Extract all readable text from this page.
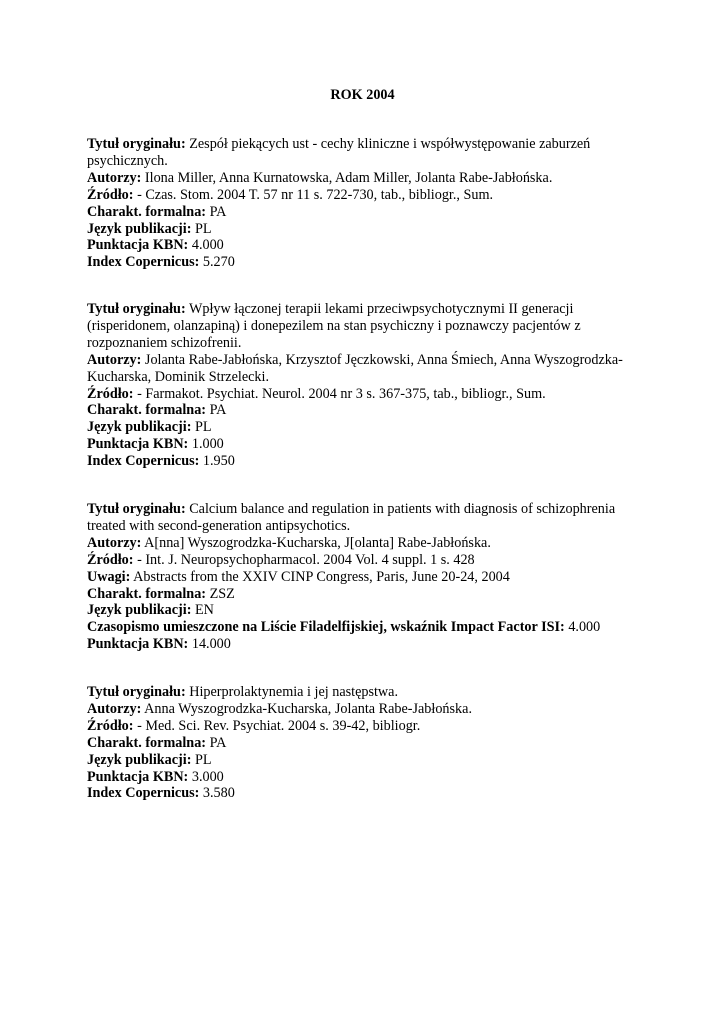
ROK 2004

Tytuł oryginału: Zespół piekących ust - cechy kliniczne i współwystępowanie zaburzeń psychicznych.

Autorzy: Ilona Miller, Anna Kurnatowska, Adam Miller, Jolanta Rabe-Jabłońska.

Źródło: - Czas. Stom. 2004 T. 57 nr 11 s. 722-730, tab., bibliogr., Sum.

Charakt. formalna: PA

Język publikacji: PL

Punktacja KBN: 4.000

Index Copernicus: 5.270

Tytuł oryginału: Wpływ łączonej terapii lekami przeciwpsychotycznymi II generacji (risperidonem, olanzapiną) i donepezilem na stan psychiczny i poznawczy pacjentów z rozpoznaniem schizofrenii.

Autorzy: Jolanta Rabe-Jabłońska, Krzysztof Jęczkowski, Anna Śmiech, Anna Wyszogrodzka-Kucharska, Dominik Strzelecki.

Źródło: - Farmakot. Psychiat. Neurol. 2004 nr 3 s. 367-375, tab., bibliogr., Sum.

Charakt. formalna: PA

Język publikacji: PL

Punktacja KBN: 1.000

Index Copernicus: 1.950

Tytuł oryginału: Calcium balance and regulation in patients with diagnosis of schizophrenia treated with second-generation antipsychotics.

Autorzy: A[nna] Wyszogrodzka-Kucharska, J[olanta] Rabe-Jabłońska.

Źródło: - Int. J. Neuropsychopharmacol. 2004 Vol. 4 suppl. 1 s. 428

Uwagi: Abstracts from the XXIV CINP Congress, Paris, June 20-24, 2004

Charakt. formalna: ZSZ

Język publikacji: EN

Czasopismo umieszczone na Liście Filadelfijskiej, wskaźnik Impact Factor ISI: 4.000

Punktacja KBN: 14.000

Tytuł oryginału: Hiperprolaktynemia i jej następstwa.

Autorzy: Anna Wyszogrodzka-Kucharska, Jolanta Rabe-Jabłońska.

Źródło: - Med. Sci. Rev. Psychiat. 2004 s. 39-42, bibliogr.

Charakt. formalna: PA

Język publikacji: PL

Punktacja KBN: 3.000

Index Copernicus: 3.580
